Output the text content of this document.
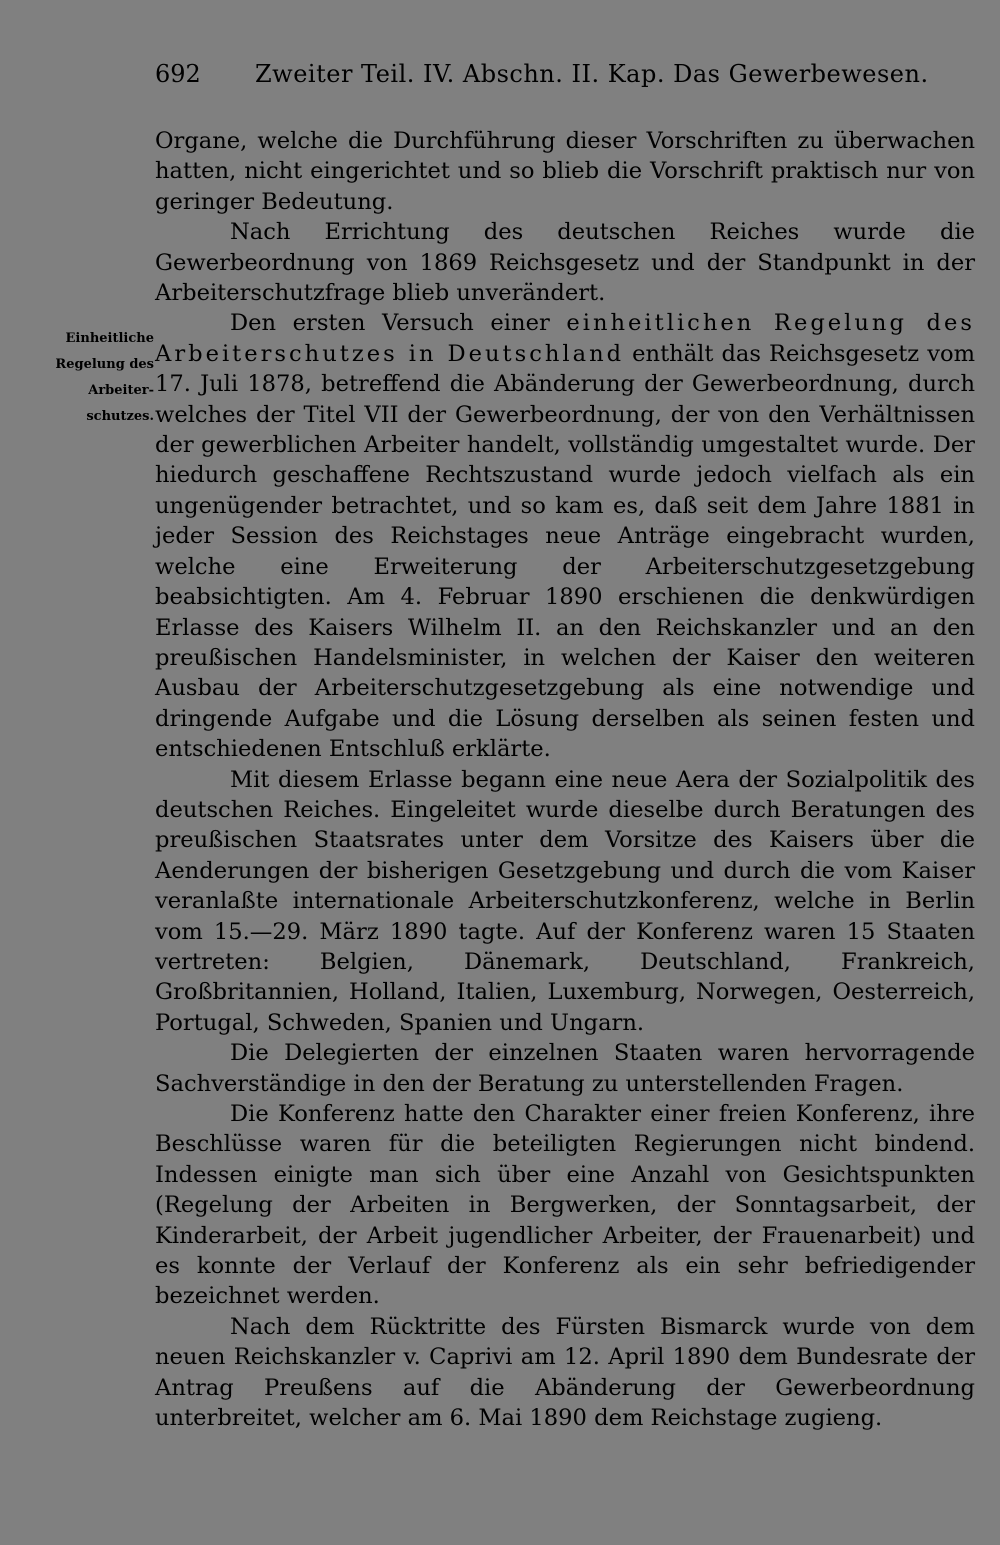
692 Zweiter Teil. IV. Abschn. II. Kap. Das Gewerbewesen.
Einheitliche
Regelung des
Arbeiter-
schutzes.

Organe, welche die Durchführung dieser Vorschriften zu überwachen hatten, nicht eingerichtet und so blieb die Vorschrift praktisch nur von geringer Bedeutung.

Nach Errichtung des deutschen Reiches wurde die Gewerbeordnung von 1869 Reichsgesetz und der Standpunkt in der Arbeiterschutzfrage blieb unverändert.

Den ersten Versuch einer einheitlichen Regelung des Arbeiterschutzes in Deutschland enthält das Reichsgesetz vom 17. Juli 1878, betreffend die Abänderung der Gewerbeordnung, durch welches der Titel VII der Gewerbeordnung, der von den Verhältnissen der gewerblichen Arbeiter handelt, vollständig umgestaltet wurde. Der hiedurch geschaffene Rechtszustand wurde jedoch vielfach als ein ungenügender betrachtet, und so kam es, daß seit dem Jahre 1881 in jeder Session des Reichstages neue Anträge eingebracht wurden, welche eine Erweiterung der Arbeiterschutzgesetzgebung beabsichtigten. Am 4. Februar 1890 erschienen die denkwürdigen Erlasse des Kaisers Wilhelm II. an den Reichskanzler und an den preußischen Handelsminister, in welchen der Kaiser den weiteren Ausbau der Arbeiterschutzgesetzgebung als eine notwendige und dringende Aufgabe und die Lösung derselben als seinen festen und entschiedenen Entschluß erklärte.

Mit diesem Erlasse begann eine neue Aera der Sozialpolitik des deutschen Reiches. Eingeleitet wurde dieselbe durch Beratungen des preußischen Staatsrates unter dem Vorsitze des Kaisers über die Aenderungen der bisherigen Gesetzgebung und durch die vom Kaiser veranlaßte internationale Arbeiterschutzkonferenz, welche in Berlin vom 15.—29. März 1890 tagte. Auf der Konferenz waren 15 Staaten vertreten: Belgien, Dänemark, Deutschland, Frankreich, Großbritannien, Holland, Italien, Luxemburg, Norwegen, Oesterreich, Portugal, Schweden, Spanien und Ungarn.

Die Delegierten der einzelnen Staaten waren hervorragende Sachverständige in den der Beratung zu unterstellenden Fragen.

Die Konferenz hatte den Charakter einer freien Konferenz, ihre Beschlüsse waren für die beteiligten Regierungen nicht bindend. Indessen einigte man sich über eine Anzahl von Gesichtspunkten (Regelung der Arbeiten in Bergwerken, der Sonntagsarbeit, der Kinderarbeit, der Arbeit jugendlicher Arbeiter, der Frauenarbeit) und es konnte der Verlauf der Konferenz als ein sehr befriedigender bezeichnet werden.

Nach dem Rücktritte des Fürsten Bismarck wurde von dem neuen Reichskanzler v. Caprivi am 12. April 1890 dem Bundesrate der Antrag Preußens auf die Abänderung der Gewerbeordnung unterbreitet, welcher am 6. Mai 1890 dem Reichstage zugieng.
